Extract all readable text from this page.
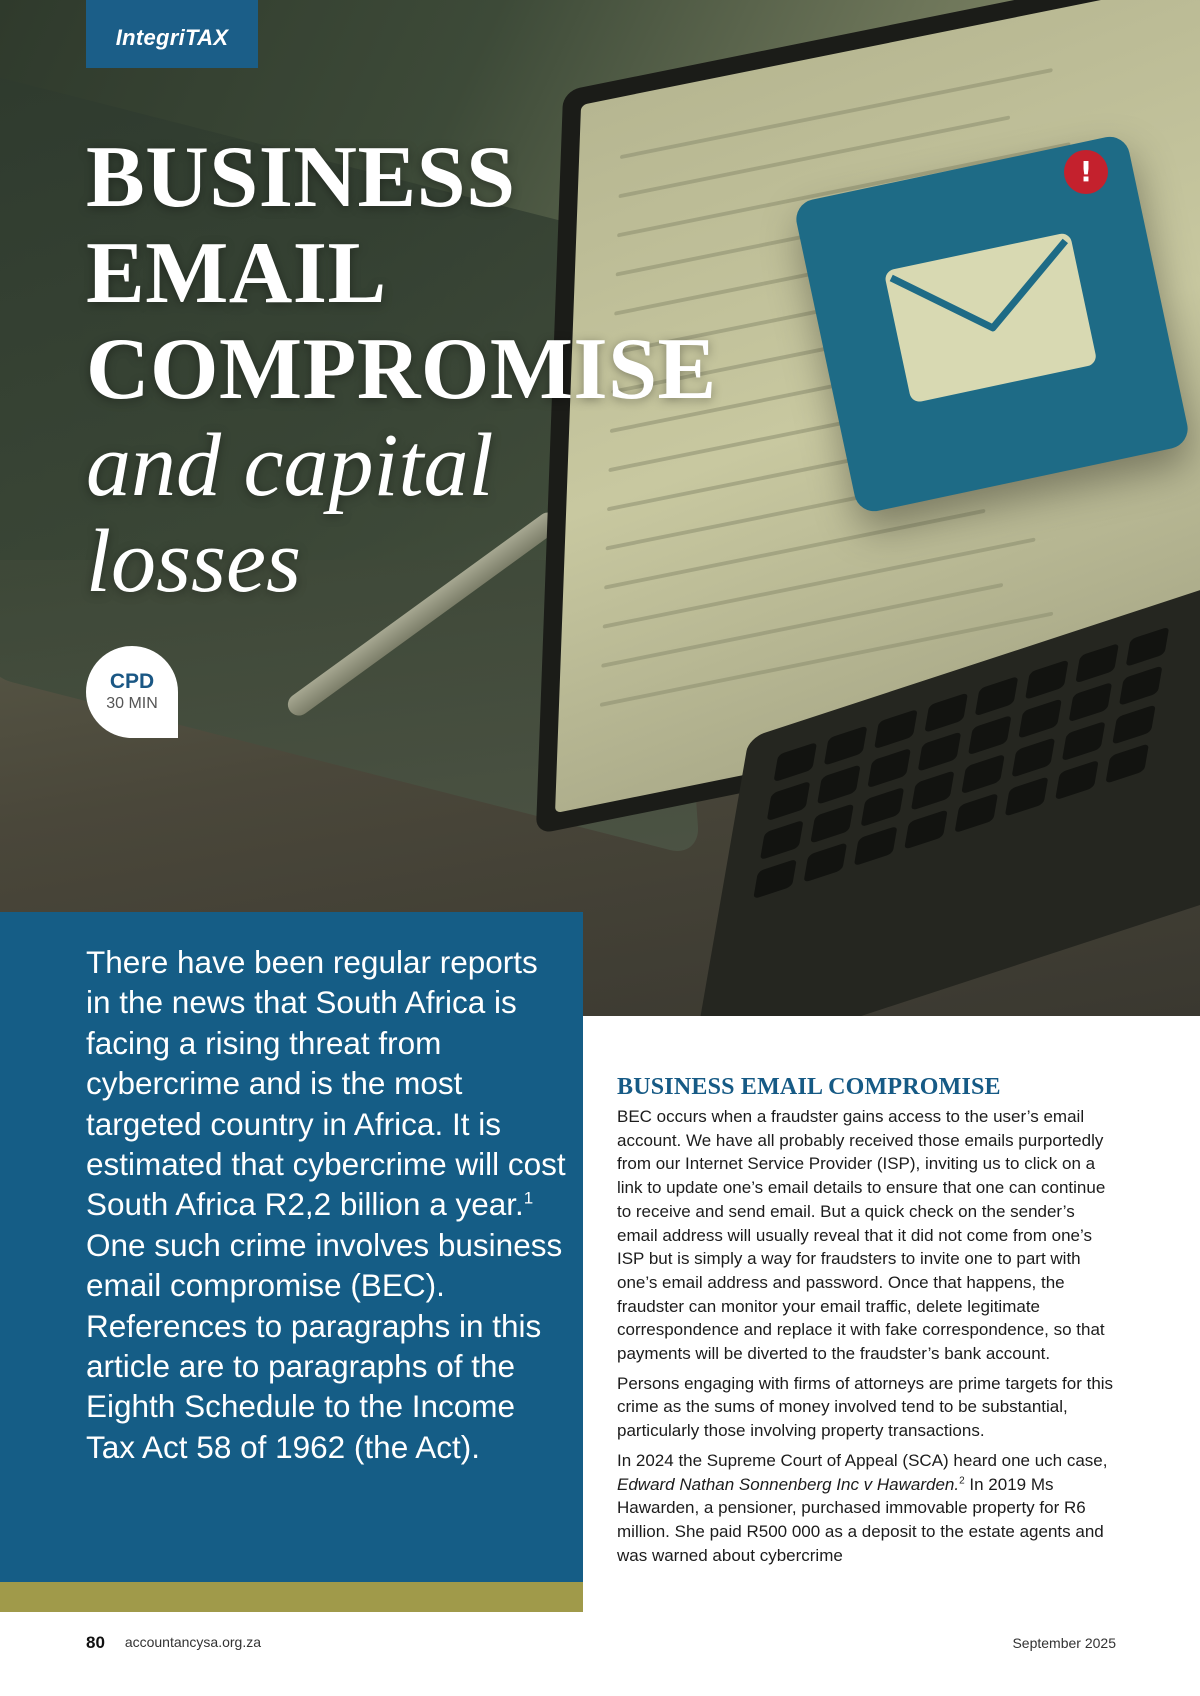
!
IntegriTAX
BUSINESS
EMAIL
COMPROMISE
and capital
losses
CPD
30 MIN

There have been regular reports in the news that South Africa is facing a rising threat from cybercrime and is the most targeted country in Africa. It is estimated that cybercrime will cost South Africa R2,2 billion a year.$^1$ One such crime involves business email compromise (BEC). References to paragraphs in this article are to paragraphs of the Eighth Schedule to the Income Tax Act 58 of 1962 (the Act).

BUSINESS EMAIL COMPROMISE

BEC occurs when a fraudster gains access to the user’s email account. We have all probably received those emails purportedly from our Internet Service Provider (ISP), inviting us to click on a link to update one’s email details to ensure that one can continue to receive and send email. But a quick check on the sender’s email address will usually reveal that it did not come from one’s ISP but is simply a way for fraudsters to invite one to part with one’s email address and password. Once that happens, the fraudster can monitor your email traffic, delete legitimate correspondence and replace it with fake correspondence, so that payments will be diverted to the fraudster’s bank account.

Persons engaging with firms of attorneys are prime targets for this crime as the sums of money involved tend to be substantial, particularly those involving property transactions.

In 2024 the Supreme Court of Appeal (SCA) heard one uch case, Edward Nathan Sonnenberg Inc v Hawarden.$^2$ In 2019 Ms Hawarden, a pensioner, purchased immovable property for R6 million. She paid R500 000 as a deposit to the estate agents and was warned about cybercrime

80 accountancysa.org.za	September 2025
